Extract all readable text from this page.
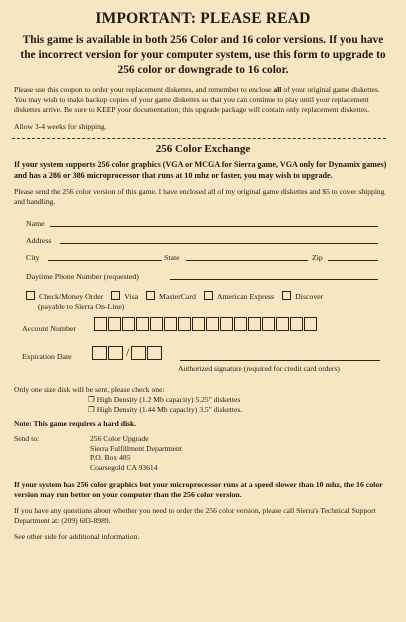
IMPORTANT: PLEASE READ
This game is available in both 256 Color and 16 color versions. If you have the incorrect version for your computer system, use this form to upgrade to 256 color or downgrade to 16 color.
Please use this coupon to order your replacement diskettes, and remember to enclose all of your original game diskettes. You may wish to make backup copies of your game diskettes so that you can continue to play until your replacement diskettes arrive. Be sure to KEEP your documentation; this upgrade package will contain only replacement diskettes.
Allow 3-4 weeks for shipping.
256 Color Exchange
If your system supports 256 color graphics (VGA or MCGA for Sierra game, VGA only for Dynamix games) and has a 286 or 386 microprocessor that runs at 10 mhz or faster, you may wish to upgrade.
Please send the 256 color version of this game. I have enclosed all of my original game diskettes and $5 to cover shipping and handling.
Name
Address
City	State	Zip
Daytime Phone Number (requested)
Check/Money Order	Visa	MasterCard	American Express	Discover
(payable to Sierra On-Line)
Account Number
Expiration Date	/
Authorized signature (required for credit card orders)
Only one size disk will be sent, please check one:
❒ High Density (1.2 Mb capacity) 5.25" diskettes
❒ High Density (1.44 Mb capacity) 3.5" diskettes.
Note: This game requires a hard disk.
Send to:	256 Color Upgrade
Sierra Fulfillment Department
P.O. Box 485
Coarsegold CA 93614
If your system has 256 color graphics but your microprocessor runs at a speed slower than 10 mhz, the 16 color version may run better on your computer than the 256 color version.
If you have any questions about whether you need to order the 256 color version, please call Sierra's Technical Support Department at: (209) 683-8989.
See other side for additional information.
